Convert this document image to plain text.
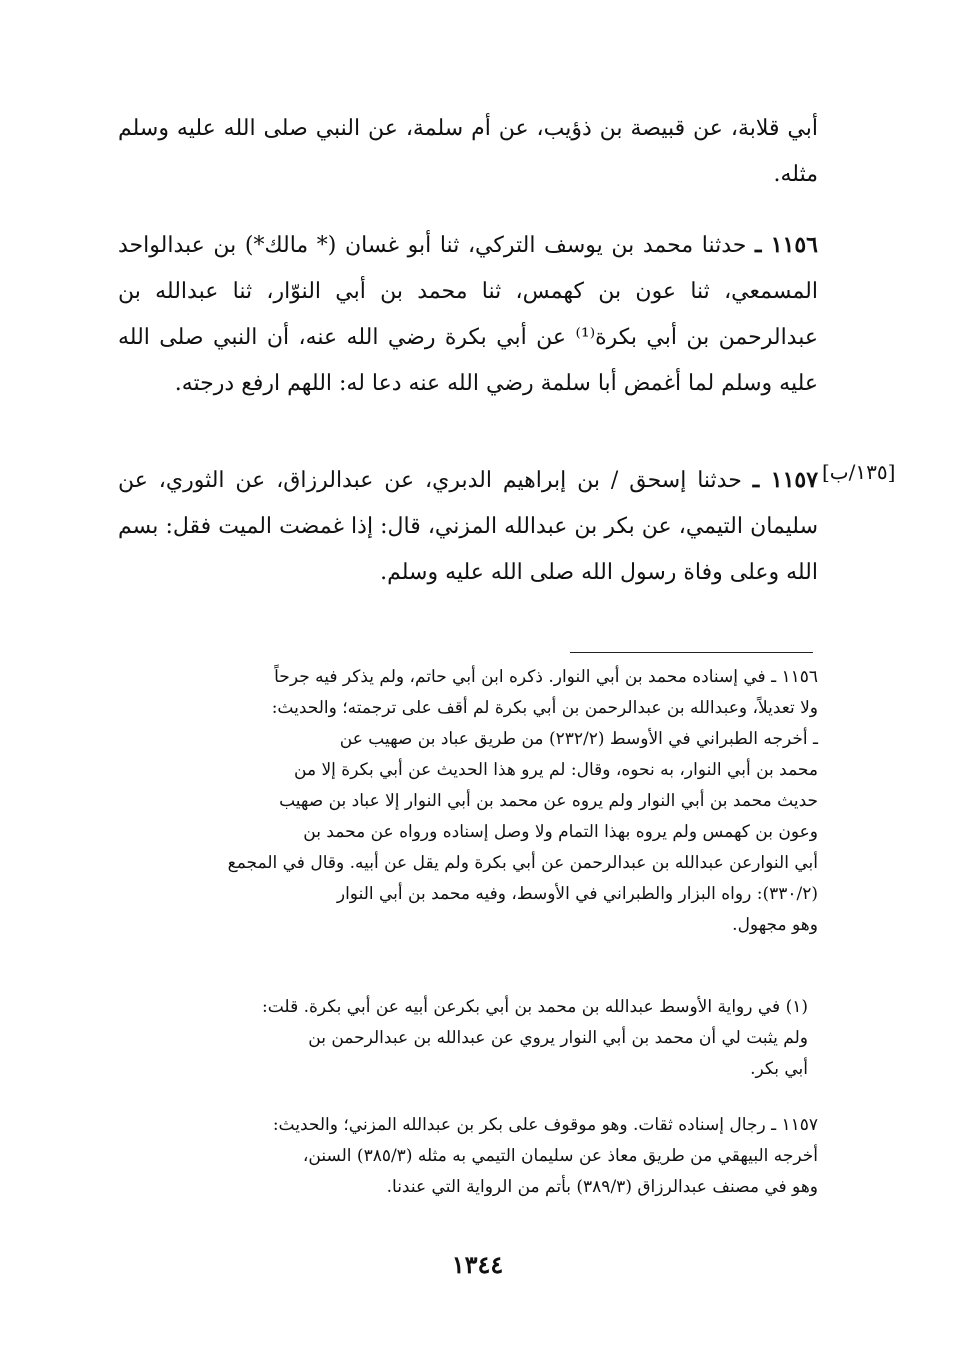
أبي قلابة، عن قبيصة بن ذؤيب، عن أم سلمة، عن النبي صلى الله عليه وسلم مثله.

١١٥٦ ـ حدثنا محمد بن يوسف التركي، ثنا أبو غسان (* مالك*) بن عبدالواحد المسمعي، ثنا عون بن كهمس، ثنا محمد بن أبي النوّار، ثنا عبدالله بن عبدالرحمن بن أبي بكرة⁽¹⁾ عن أبي بكرة رضي الله عنه، أن النبي صلى الله عليه وسلم لما أغمض أبا سلمة رضي الله عنه دعا له: اللهم ارفع درجته.

[١٣٥/ب]

١١٥٧ ـ حدثنا إسحق / بن إبراهيم الدبري، عن عبدالرزاق، عن الثوري، عن سليمان التيمي، عن بكر بن عبدالله المزني، قال: إذا غمضت الميت فقل: بسم الله وعلى وفاة رسول الله صلى الله عليه وسلم.

١١٥٦ ـ في إسناده محمد بن أبي النوار. ذكره ابن أبي حاتم، ولم يذكر فيه جرحاً
ولا تعديلاً، وعبدالله بن عبدالرحمن بن أبي بكرة لم أقف على ترجمته؛ والحديث:
ـ أخرجه الطبراني في الأوسط (٢٣٢/٢) من طريق عباد بن صهيب عن
محمد بن أبي النوار، به نحوه، وقال: لم يرو هذا الحديث عن أبي بكرة إلا من
حديث محمد بن أبي النوار ولم يروه عن محمد بن أبي النوار إلا عباد بن صهيب
وعون بن كهمس ولم يروه بهذا التمام ولا وصل إسناده ورواه عن محمد بن
أبي النوارعن عبدالله بن عبدالرحمن عن أبي بكرة ولم يقل عن أبيه. وقال في المجمع
(٣٣٠/٢): رواه البزار والطبراني في الأوسط، وفيه محمد بن أبي النوار
وهو مجهول.
(١) في رواية الأوسط عبدالله بن محمد بن أبي بكرعن أبيه عن أبي بكرة. قلت:
ولم يثبت لي أن محمد بن أبي النوار يروي عن عبدالله بن عبدالرحمن بن
أبي بكر.
١١٥٧ ـ رجال إسناده ثقات. وهو موقوف على بكر بن عبدالله المزني؛ والحديث:
أخرجه البيهقي من طريق معاذ عن سليمان التيمي به مثله (٣٨٥/٣) السنن،
وهو في مصنف عبدالرزاق (٣٨٩/٣) بأتم من الرواية التي عندنا.
١٣٤٤
